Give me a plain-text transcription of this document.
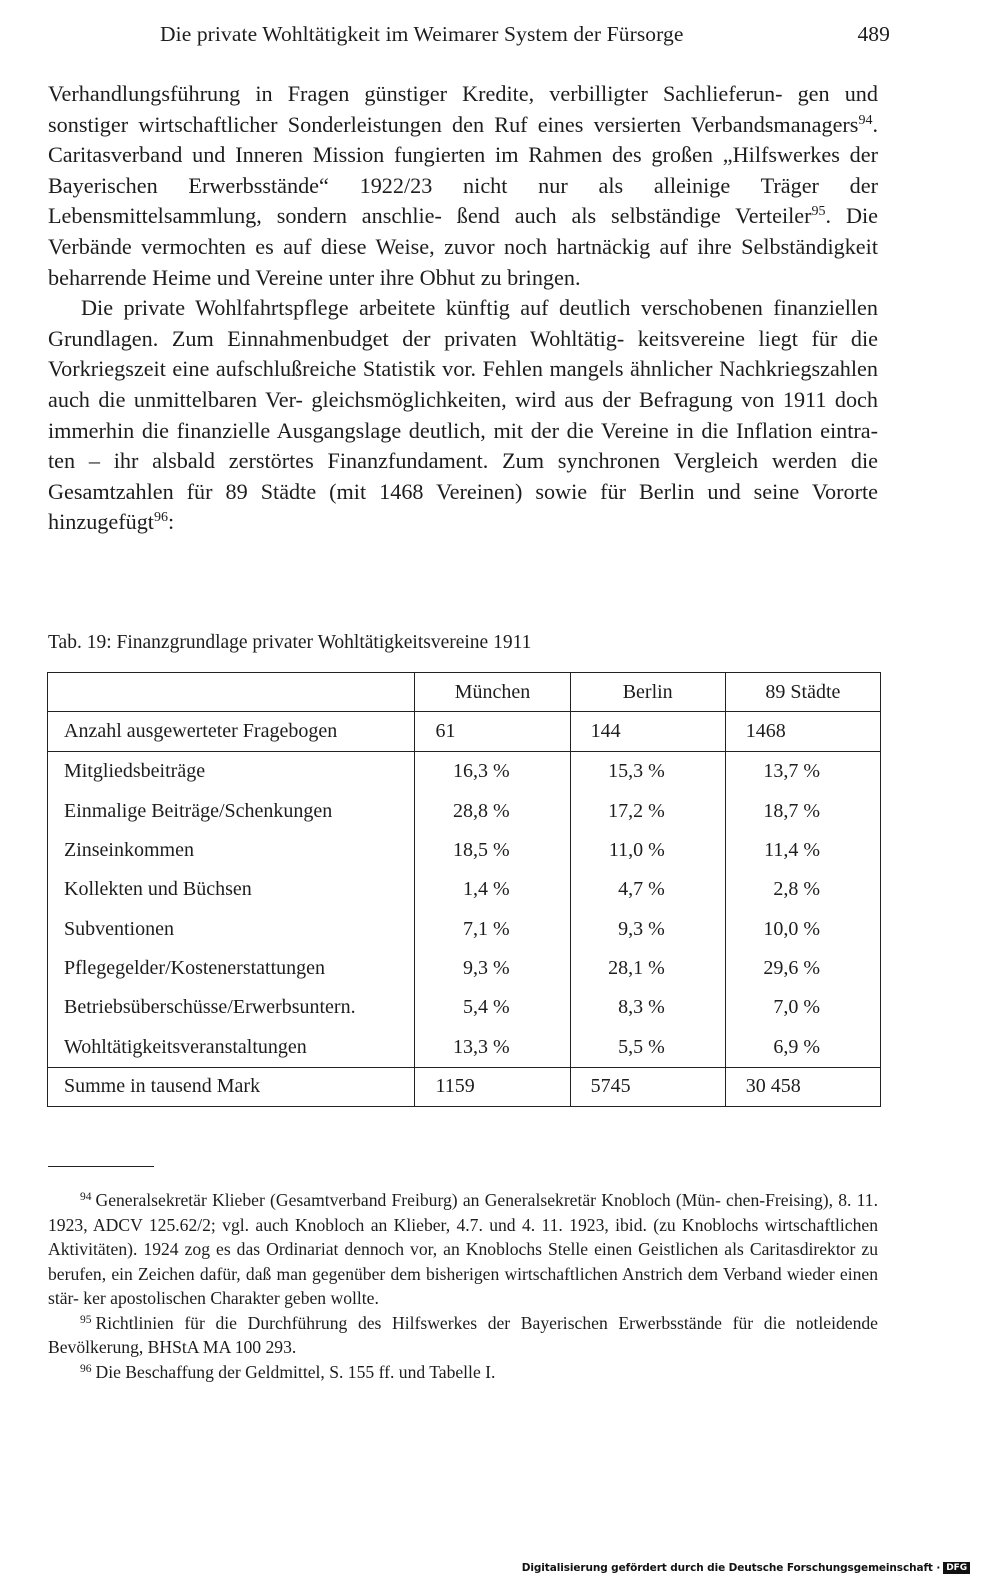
Die private Wohltätigkeit im Weimarer System der Fürsorge	489

Verhandlungsführung in Fragen günstiger Kredite, verbilligter Sachlieferun- gen und sonstiger wirtschaftlicher Sonderleistungen den Ruf eines versierten Verbandsmanagers$^{94}$. Caritasverband und Inneren Mission fungierten im Rahmen des großen „Hilfswerkes der Bayerischen Erwerbsstände“ 1922/23 nicht nur als alleinige Träger der Lebensmittelsammlung, sondern anschlie- ßend auch als selbständige Verteiler$^{95}$. Die Verbände vermochten es auf diese Weise, zuvor noch hartnäckig auf ihre Selbständigkeit beharrende Heime und Vereine unter ihre Obhut zu bringen.

Die private Wohlfahrtspflege arbeitete künftig auf deutlich verschobenen finanziellen Grundlagen. Zum Einnahmenbudget der privaten Wohltätig- keitsvereine liegt für die Vorkriegszeit eine aufschlußreiche Statistik vor. Fehlen mangels ähnlicher Nachkriegszahlen auch die unmittelbaren Ver- gleichsmöglichkeiten, wird aus der Befragung von 1911 doch immerhin die finanzielle Ausgangslage deutlich, mit der die Vereine in die Inflation eintra- ten – ihr alsbald zerstörtes Finanzfundament. Zum synchronen Vergleich werden die Gesamtzahlen für 89 Städte (mit 1468 Vereinen) sowie für Berlin und seine Vororte hinzugefügt$^{96}$:

Tab. 19: Finanzgrundlage privater Wohltätigkeitsvereine 1911
	München	Berlin	89 Städte
Anzahl ausgewerteter Fragebogen	61	144	1468
Mitgliedsbeiträge	16,3 %	15,3 %	13,7 %
Einmalige Beiträge/Schenkungen	28,8 %	17,2 %	18,7 %
Zinseinkommen	18,5 %	11,0 %	11,4 %
Kollekten und Büchsen	1,4 %	4,7 %	2,8 %
Subventionen	7,1 %	9,3 %	10,0 %
Pflegegelder/Kostenerstattungen	9,3 %	28,1 %	29,6 %
Betriebsüberschüsse/Erwerbsuntern.	5,4 %	8,3 %	7,0 %
Wohltätigkeitsveranstaltungen	13,3 %	5,5 %	6,9 %
Summe in tausend Mark	1159	5745	30 458

$^{94}$ Generalsekretär Klieber (Gesamtverband Freiburg) an Generalsekretär Knobloch (Mün- chen-Freising), 8. 11. 1923, ADCV 125.62/2; vgl. auch Knobloch an Klieber, 4.7. und 4. 11. 1923, ibid. (zu Knoblochs wirtschaftlichen Aktivitäten). 1924 zog es das Ordinariat dennoch vor, an Knoblochs Stelle einen Geistlichen als Caritasdirektor zu berufen, ein Zeichen dafür, daß man gegenüber dem bisherigen wirtschaftlichen Anstrich dem Verband wieder einen stär- ker apostolischen Charakter geben wollte.

$^{95}$ Richtlinien für die Durchführung des Hilfswerkes der Bayerischen Erwerbsstände für die notleidende Bevölkerung, BHStA MA 100 293.

$^{96}$ Die Beschaffung der Geldmittel, S. 155 ff. und Tabelle I.

Digitalisierung gefördert durch die Deutsche Forschungsgemeinschaft · DFG
